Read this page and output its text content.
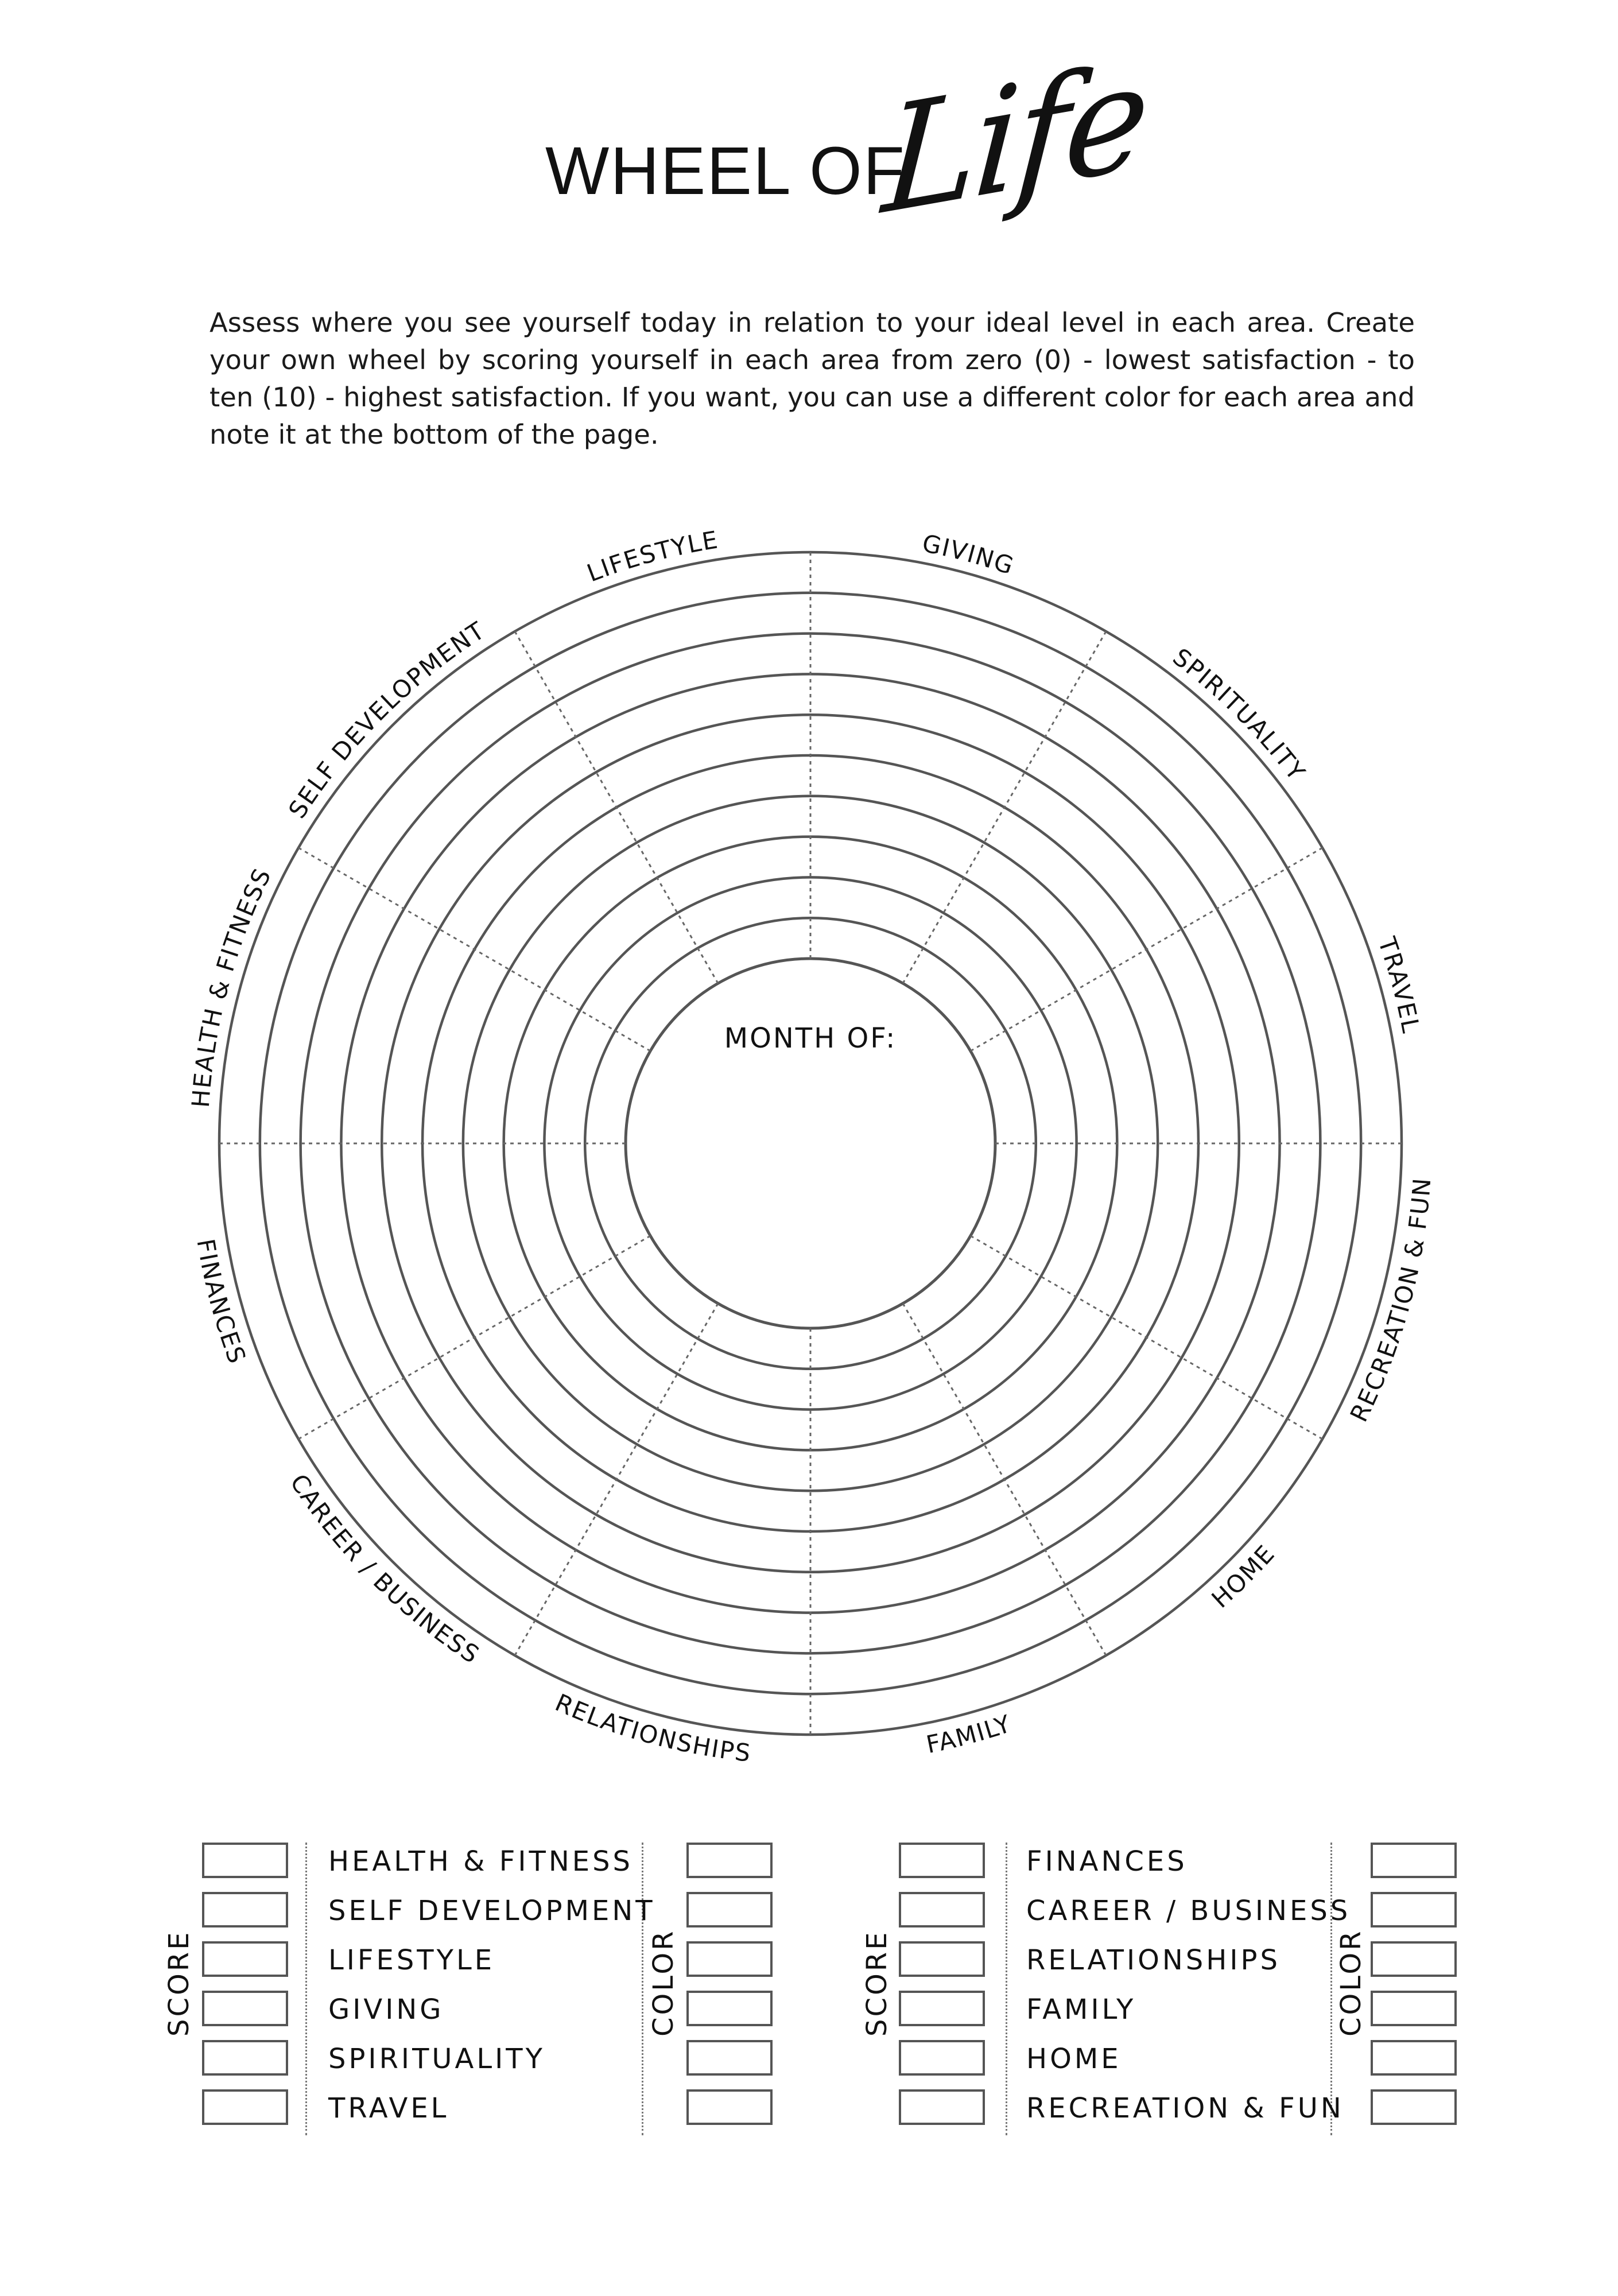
WHEEL OF
Life
Assess where you see yourself today in relation to your ideal level in each area. Create your own wheel by scoring yourself in each area from zero (0) - lowest satisfaction - to ten (10) - highest satisfaction. If you want, you can use a different color for each area and note it at the bottom of the page.
GIVING
SPIRITUALITY
TRAVEL
RECREATION & FUN
HOME
FAMILY
RELATIONSHIPS
CAREER / BUSINESS
FINANCES
HEALTH & FITNESS
SELF DEVELOPMENT
LIFESTYLE
MONTH OF:
SCORE	COLOR
HEALTH & FITNESS
SELF DEVELOPMENT
LIFESTYLE
GIVING
SPIRITUALITY
TRAVEL
SCORE	COLOR
FINANCES
CAREER / BUSINESS
RELATIONSHIPS
FAMILY
HOME
RECREATION & FUN
